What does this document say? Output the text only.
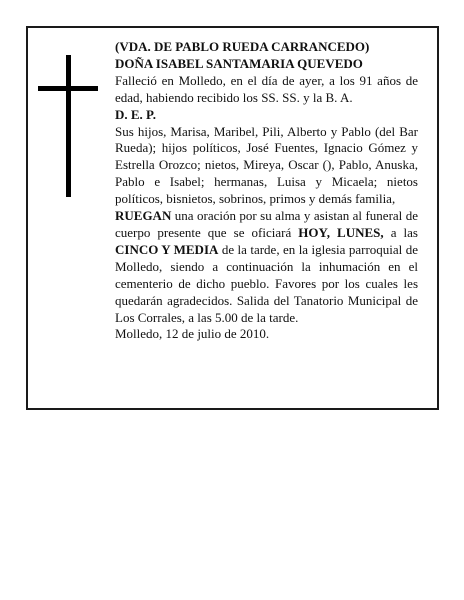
(VDA. DE PABLO RUEDA CARRANCEDO)

DOÑA ISABEL SANTAMARIA QUEVEDO

Falleció en Molledo, en el día de ayer, a los 91 años de edad, habiendo recibido los SS. SS. y la B. A.

D. E. P.

Sus hijos, Marisa, Maribel, Pili, Alberto y Pablo (del Bar Rueda); hijos políticos, José Fuentes, Ignacio Gómez y Estrella Orozco; nietos, Mireya, Oscar (), Pablo, Anuska, Pablo e Isabel; hermanas, Luisa y Micaela; nietos políticos, bisnietos, sobrinos, primos y demás familia,

RUEGAN una oración por su alma y asistan al funeral de cuerpo presente que se oficiará HOY, LUNES, a las CINCO Y MEDIA de la tarde, en la iglesia parroquial de Molledo, siendo a continuación la inhumación en el cementerio de dicho pueblo. Favores por los cuales les quedarán agradecidos. Salida del Tanatorio Municipal de Los Corrales, a las 5.00 de la tarde.

Molledo, 12 de julio de 2010.
